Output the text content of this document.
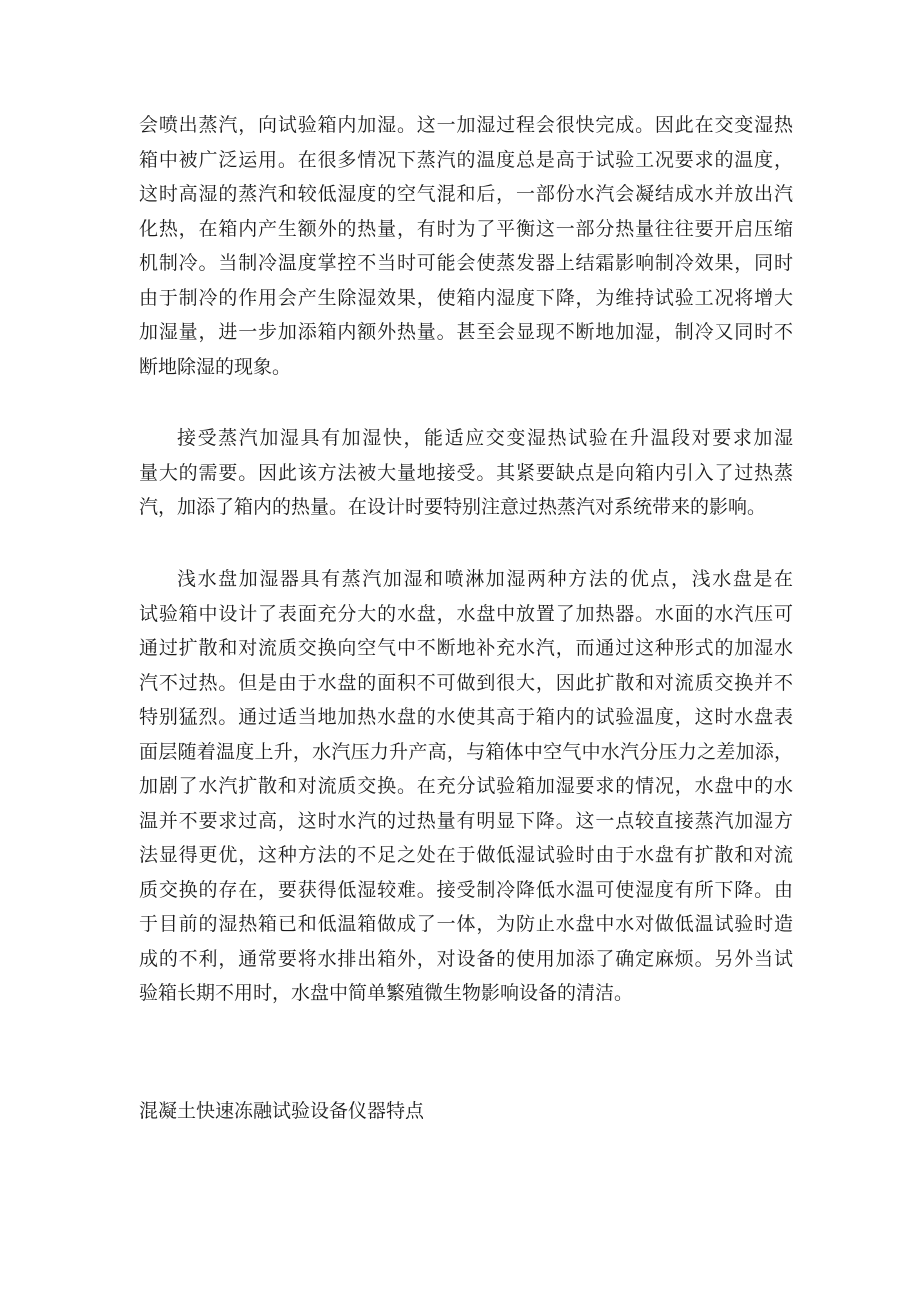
会喷出蒸汽，向试验箱内加湿。这一加湿过程会很快完成。因此在交变湿热
箱中被广泛运用。在很多情况下蒸汽的温度总是高于试验工况要求的温度，
这时高湿的蒸汽和较低湿度的空气混和后，一部份水汽会凝结成水并放出汽
化热，在箱内产生额外的热量，有时为了平衡这一部分热量往往要开启压缩
机制冷。当制冷温度掌控不当时可能会使蒸发器上结霜影响制冷效果，同时
由于制冷的作用会产生除湿效果，使箱内湿度下降，为维持试验工况将增大
加湿量，进一步加添箱内额外热量。甚至会显现不断地加湿，制冷又同时不
断地除湿的现象。
接受蒸汽加湿具有加湿快，能适应交变湿热试验在升温段对要求加湿
量大的需要。因此该方法被大量地接受。其紧要缺点是向箱内引入了过热蒸
汽，加添了箱内的热量。在设计时要特别注意过热蒸汽对系统带来的影响。
浅水盘加湿器具有蒸汽加湿和喷淋加湿两种方法的优点，浅水盘是在
试验箱中设计了表面充分大的水盘，水盘中放置了加热器。水面的水汽压可
通过扩散和对流质交换向空气中不断地补充水汽，而通过这种形式的加湿水
汽不过热。但是由于水盘的面积不可做到很大，因此扩散和对流质交换并不
特别猛烈。通过适当地加热水盘的水使其高于箱内的试验温度，这时水盘表
面层随着温度上升，水汽压力升产高，与箱体中空气中水汽分压力之差加添，
加剧了水汽扩散和对流质交换。在充分试验箱加湿要求的情况，水盘中的水
温并不要求过高，这时水汽的过热量有明显下降。这一点较直接蒸汽加湿方
法显得更优，这种方法的不足之处在于做低湿试验时由于水盘有扩散和对流
质交换的存在，要获得低湿较难。接受制冷降低水温可使湿度有所下降。由
于目前的湿热箱已和低温箱做成了一体，为防止水盘中水对做低温试验时造
成的不利，通常要将水排出箱外，对设备的使用加添了确定麻烦。另外当试
验箱长期不用时，水盘中简单繁殖微生物影响设备的清洁。
混凝土快速冻融试验设备仪器特点
